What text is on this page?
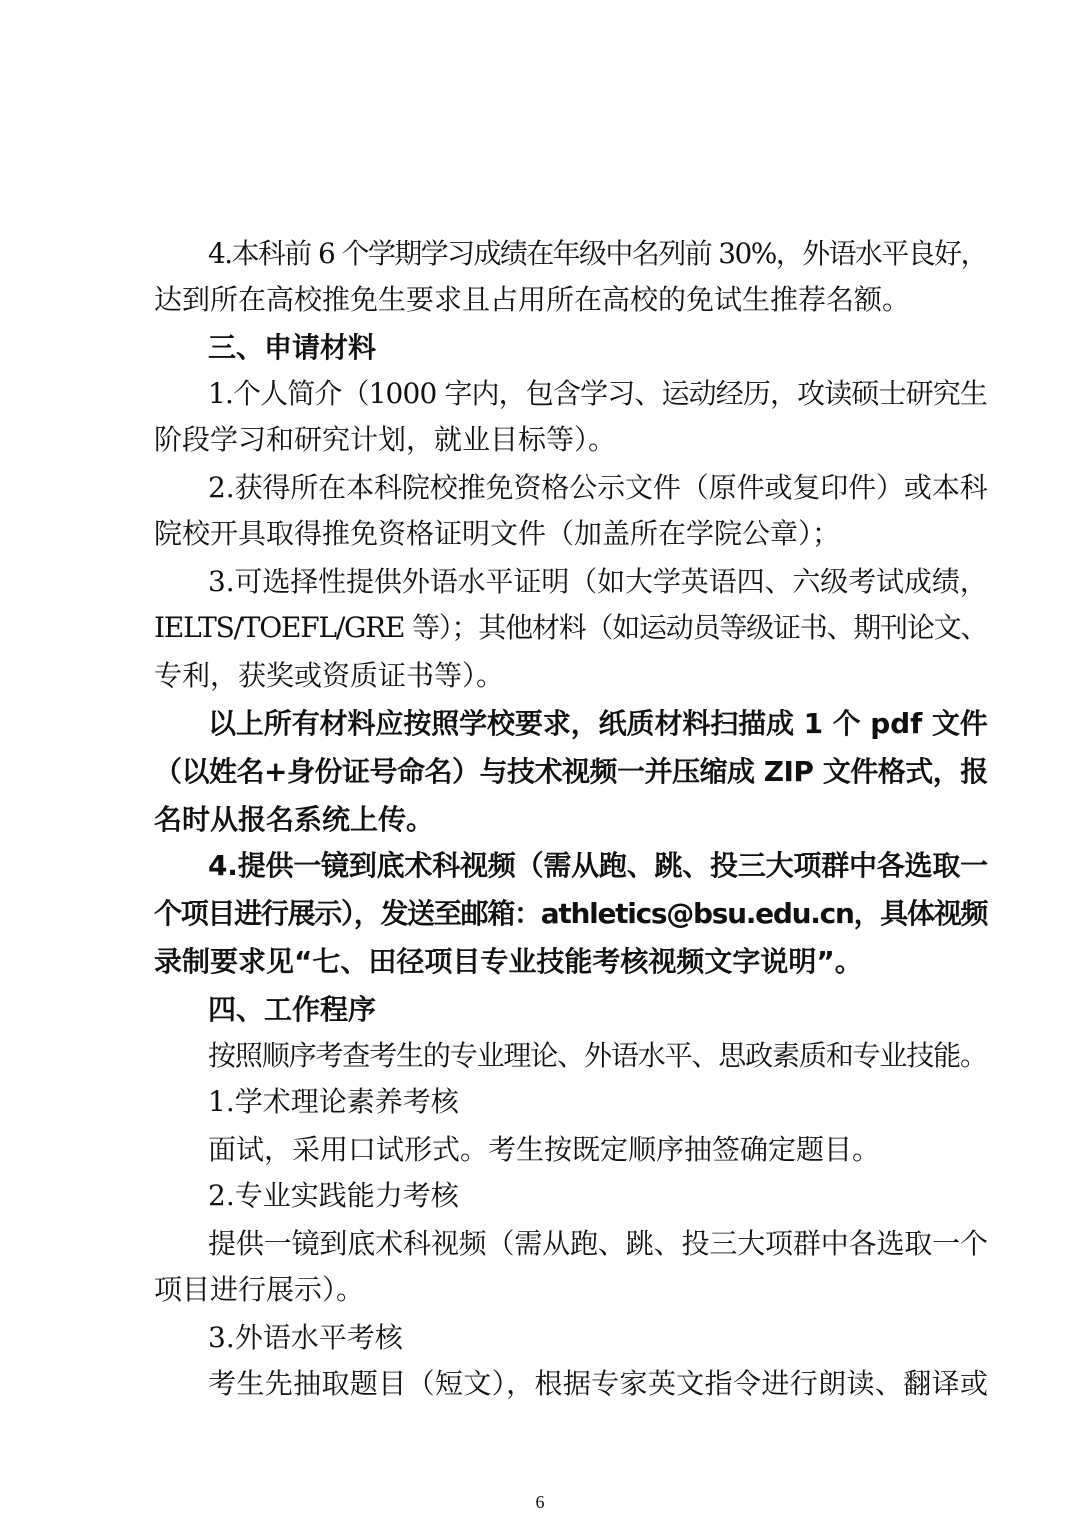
4.本科前 6 个学期学习成绩在年级中名列前 30%，外语水平良好，
达到所在高校推免生要求且占用所在高校的免试生推荐名额。
三、申请材料
1.个人简介（1000 字内，包含学习、运动经历，攻读硕士研究生
阶段学习和研究计划，就业目标等）。
2.获得所在本科院校推免资格公示文件（原件或复印件）或本科
院校开具取得推免资格证明文件（加盖所在学院公章）；
3.可选择性提供外语水平证明（如大学英语四、六级考试成绩，
IELTS/TOEFL/GRE 等）；其他材料（如运动员等级证书、期刊论文、
专利，获奖或资质证书等）。
以上所有材料应按照学校要求，纸质材料扫描成 1 个 pdf 文件
（以姓名+身份证号命名）与技术视频一并压缩成 ZIP 文件格式，报
名时从报名系统上传。
4.提供一镜到底术科视频（需从跑、跳、投三大项群中各选取一
个项目进行展示），发送至邮箱：athletics@bsu.edu.cn，具体视频
录制要求见“七、田径项目专业技能考核视频文字说明”。
四、工作程序
按照顺序考查考生的专业理论、外语水平、思政素质和专业技能。
1.学术理论素养考核
面试，采用口试形式。考生按既定顺序抽签确定题目。
2.专业实践能力考核
提供一镜到底术科视频（需从跑、跳、投三大项群中各选取一个
项目进行展示）。
3.外语水平考核
考生先抽取题目（短文），根据专家英文指令进行朗读、翻译或
6
